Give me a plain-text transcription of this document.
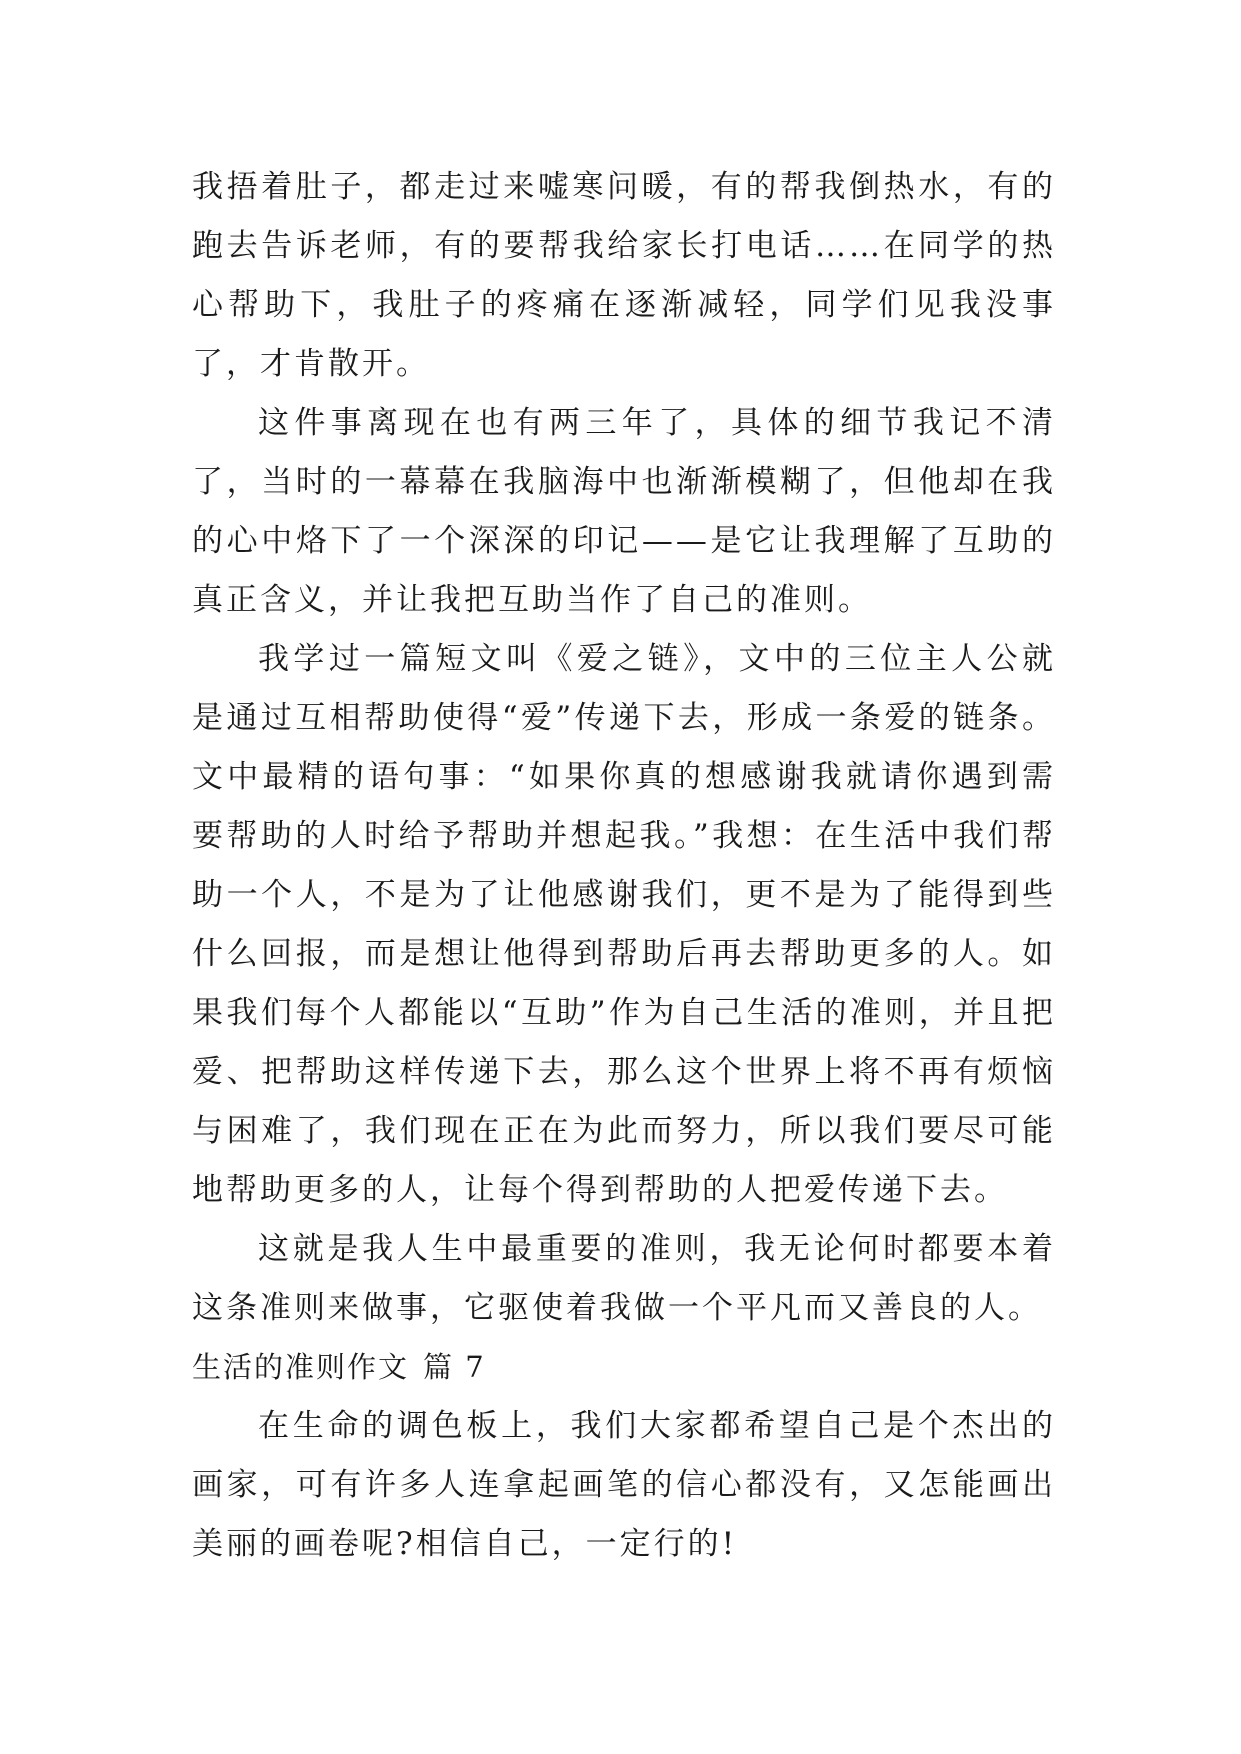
我捂着肚子，都走过来嘘寒问暖，有的帮我倒热水，有的跑去告诉老师，有的要帮我给家长打电话……在同学的热心帮助下，我肚子的疼痛在逐渐减轻，同学们见我没事了，才肯散开。

这件事离现在也有两三年了，具体的细节我记不清了，当时的一幕幕在我脑海中也渐渐模糊了，但他却在我的心中烙下了一个深深的印记——是它让我理解了互助的真正含义，并让我把互助当作了自己的准则。

我学过一篇短文叫《爱之链》，文中的三位主人公就是通过互相帮助使得“爱”传递下去，形成一条爱的链条。文中最精的语句事：“如果你真的想感谢我就请你遇到需要帮助的人时给予帮助并想起我。”我想：在生活中我们帮助一个人，不是为了让他感谢我们，更不是为了能得到些什么回报，而是想让他得到帮助后再去帮助更多的人。如果我们每个人都能以“互助”作为自己生活的准则，并且把爱、把帮助这样传递下去，那么这个世界上将不再有烦恼与困难了，我们现在正在为此而努力，所以我们要尽可能地帮助更多的人，让每个得到帮助的人把爱传递下去。

这就是我人生中最重要的准则，我无论何时都要本着这条准则来做事，它驱使着我做一个平凡而又善良的人。

生活的准则作文 篇 7

在生命的调色板上，我们大家都希望自己是个杰出的画家，可有许多人连拿起画笔的信心都没有，又怎能画出美丽的画卷呢?相信自己，一定行的!
